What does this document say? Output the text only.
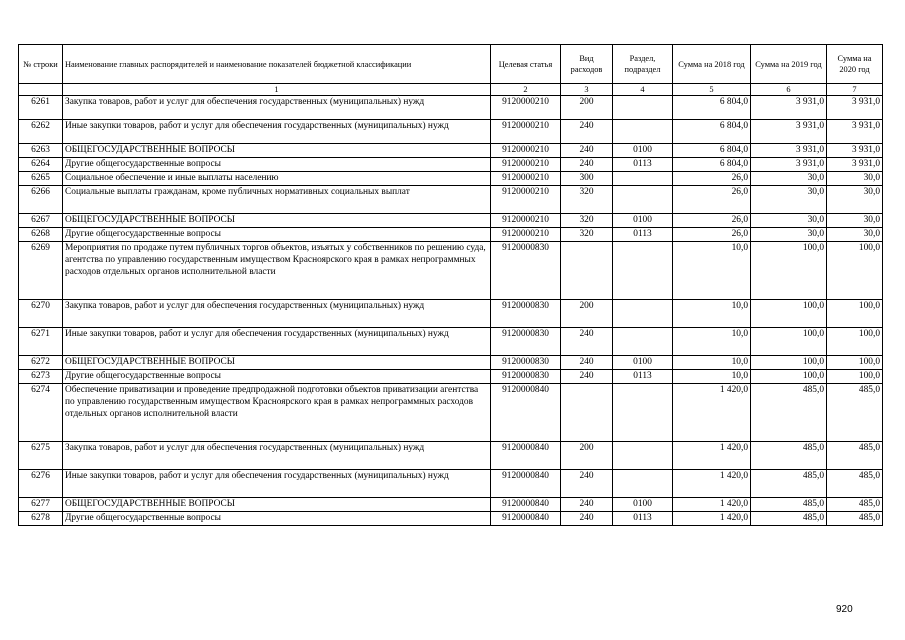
№ строки	Наименование главных распорядителей и наименование показателей бюджетной классификации	Целевая статья	Вид расходов	Раздел, подраздел	Сумма на 2018 год	Сумма на 2019 год	Сумма на 2020 год
	1	2	3	4	5	6	7
6261	Закупка товаров, работ и услуг для обеспечения государственных (муниципальных) нужд	9120000210	200		6 804,0	3 931,0	3 931,0
6262	Иные закупки товаров, работ и услуг для обеспечения государственных (муниципальных) нужд	9120000210	240		6 804,0	3 931,0	3 931,0
6263	ОБЩЕГОСУДАРСТВЕННЫЕ ВОПРОСЫ	9120000210	240	0100	6 804,0	3 931,0	3 931,0
6264	Другие общегосударственные вопросы	9120000210	240	0113	6 804,0	3 931,0	3 931,0
6265	Социальное обеспечение и иные выплаты населению	9120000210	300		26,0	30,0	30,0
6266	Социальные выплаты гражданам, кроме публичных нормативных социальных выплат	9120000210	320		26,0	30,0	30,0
6267	ОБЩЕГОСУДАРСТВЕННЫЕ ВОПРОСЫ	9120000210	320	0100	26,0	30,0	30,0
6268	Другие общегосударственные вопросы	9120000210	320	0113	26,0	30,0	30,0
6269	Мероприятия по продаже путем публичных торгов объектов, изъятых у собственников по решению суда, агентства по управлению государственным имуществом Красноярского края в рамках непрограммных расходов отдельных органов исполнительной власти	9120000830			10,0	100,0	100,0
6270	Закупка товаров, работ и услуг для обеспечения государственных (муниципальных) нужд	9120000830	200		10,0	100,0	100,0
6271	Иные закупки товаров, работ и услуг для обеспечения государственных (муниципальных) нужд	9120000830	240		10,0	100,0	100,0
6272	ОБЩЕГОСУДАРСТВЕННЫЕ ВОПРОСЫ	9120000830	240	0100	10,0	100,0	100,0
6273	Другие общегосударственные вопросы	9120000830	240	0113	10,0	100,0	100,0
6274	Обеспечение приватизации и проведение предпродажной подготовки объектов приватизации агентства по управлению государственным имуществом Красноярского края в рамках непрограммных расходов отдельных органов исполнительной власти	9120000840			1 420,0	485,0	485,0
6275	Закупка товаров, работ и услуг для обеспечения государственных (муниципальных) нужд	9120000840	200		1 420,0	485,0	485,0
6276	Иные закупки товаров, работ и услуг для обеспечения государственных (муниципальных) нужд	9120000840	240		1 420,0	485,0	485,0
6277	ОБЩЕГОСУДАРСТВЕННЫЕ ВОПРОСЫ	9120000840	240	0100	1 420,0	485,0	485,0
6278	Другие общегосударственные вопросы	9120000840	240	0113	1 420,0	485,0	485,0
920
